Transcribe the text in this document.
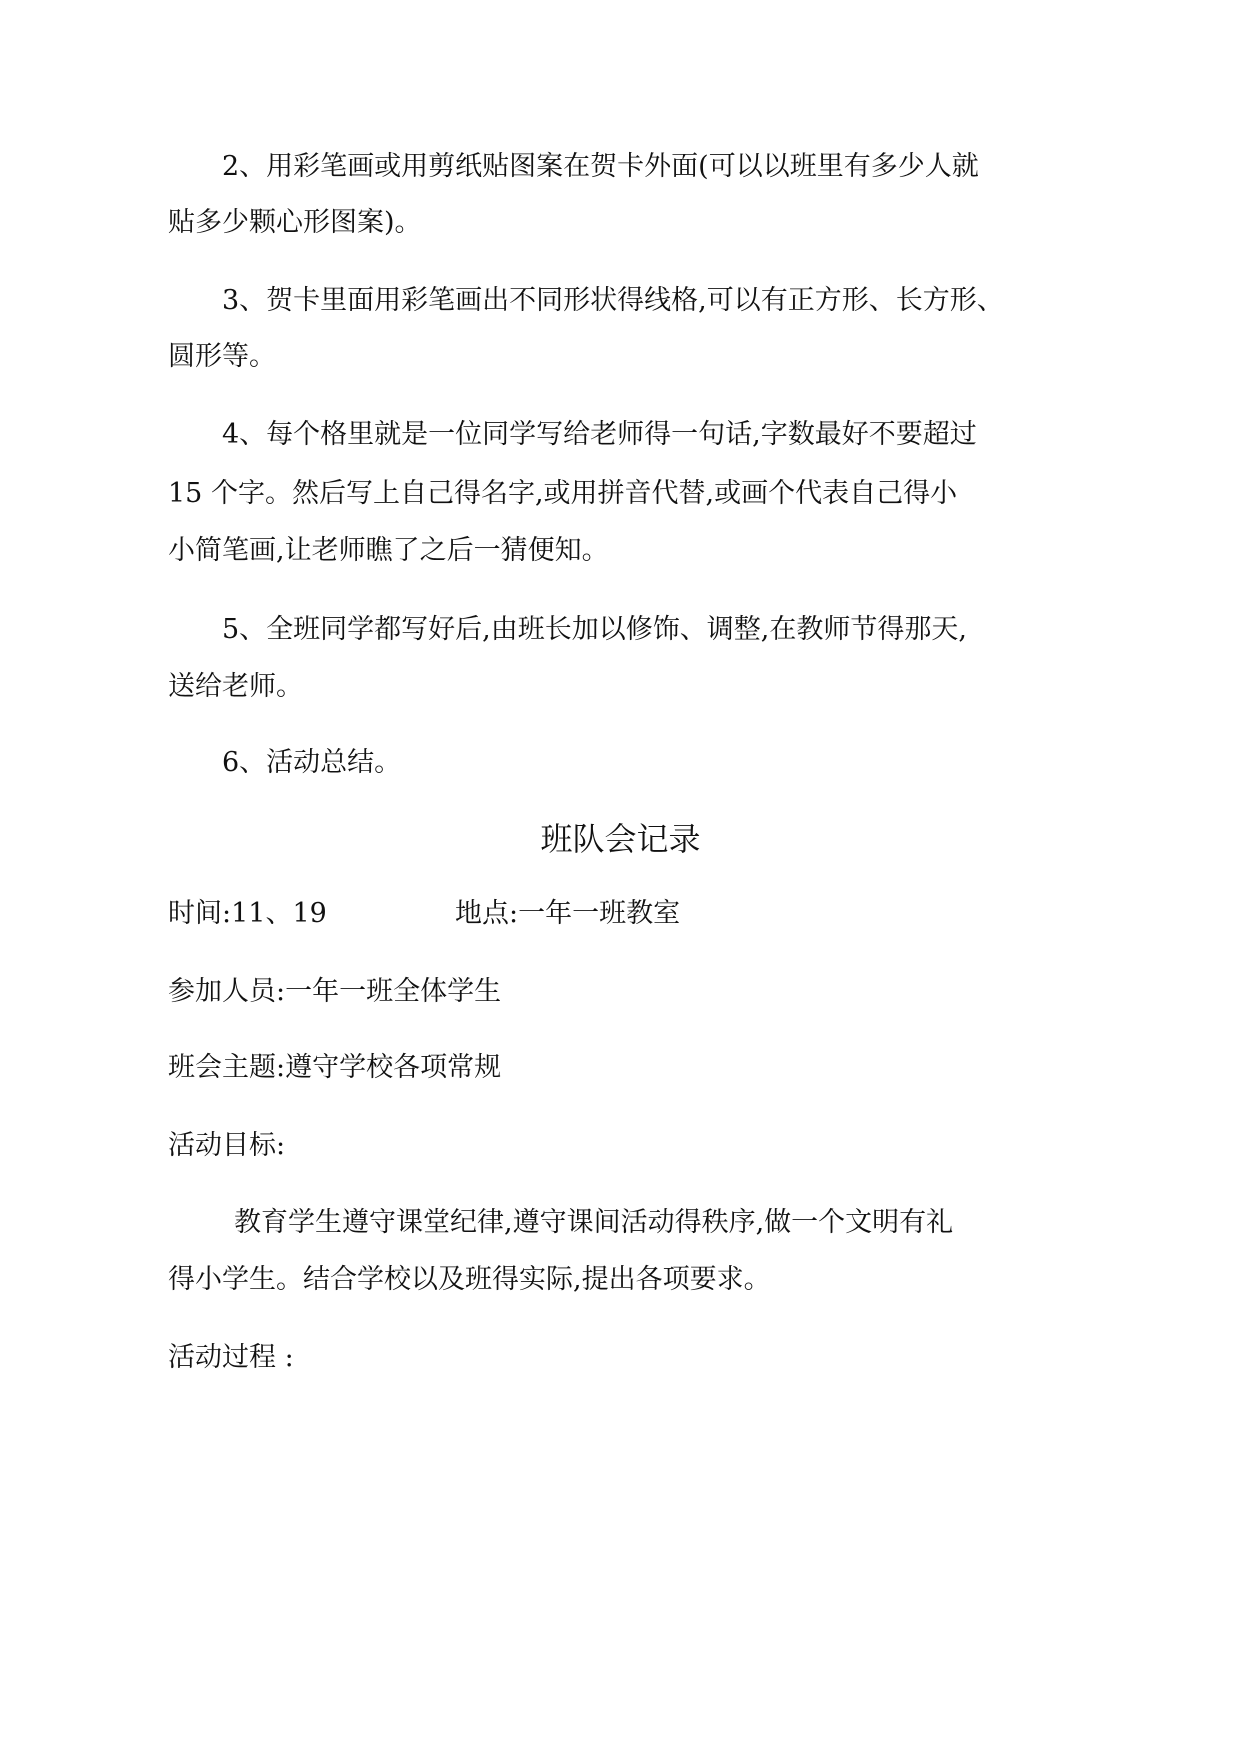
2、用彩笔画或用剪纸贴图案在贺卡外面(可以以班里有多少人就

贴多少颗心形图案)。

3、贺卡里面用彩笔画出不同形状得线格,可以有正方形、长方形、

圆形等。

4、每个格里就是一位同学写给老师得一句话,字数最好不要超过

15 个字。然后写上自己得名字,或用拼音代替,或画个代表自己得小

小简笔画,让老师瞧了之后一猜便知。

5、全班同学都写好后,由班长加以修饰、调整,在教师节得那天,

送给老师。

6、活动总结。

班队会记录

时间:11、19	地点:一年一班教室

参加人员:一年一班全体学生

班会主题:遵守学校各项常规

活动目标:

教育学生遵守课堂纪律,遵守课间活动得秩序,做一个文明有礼

得小学生。结合学校以及班得实际,提出各项要求。

活动过程 :
